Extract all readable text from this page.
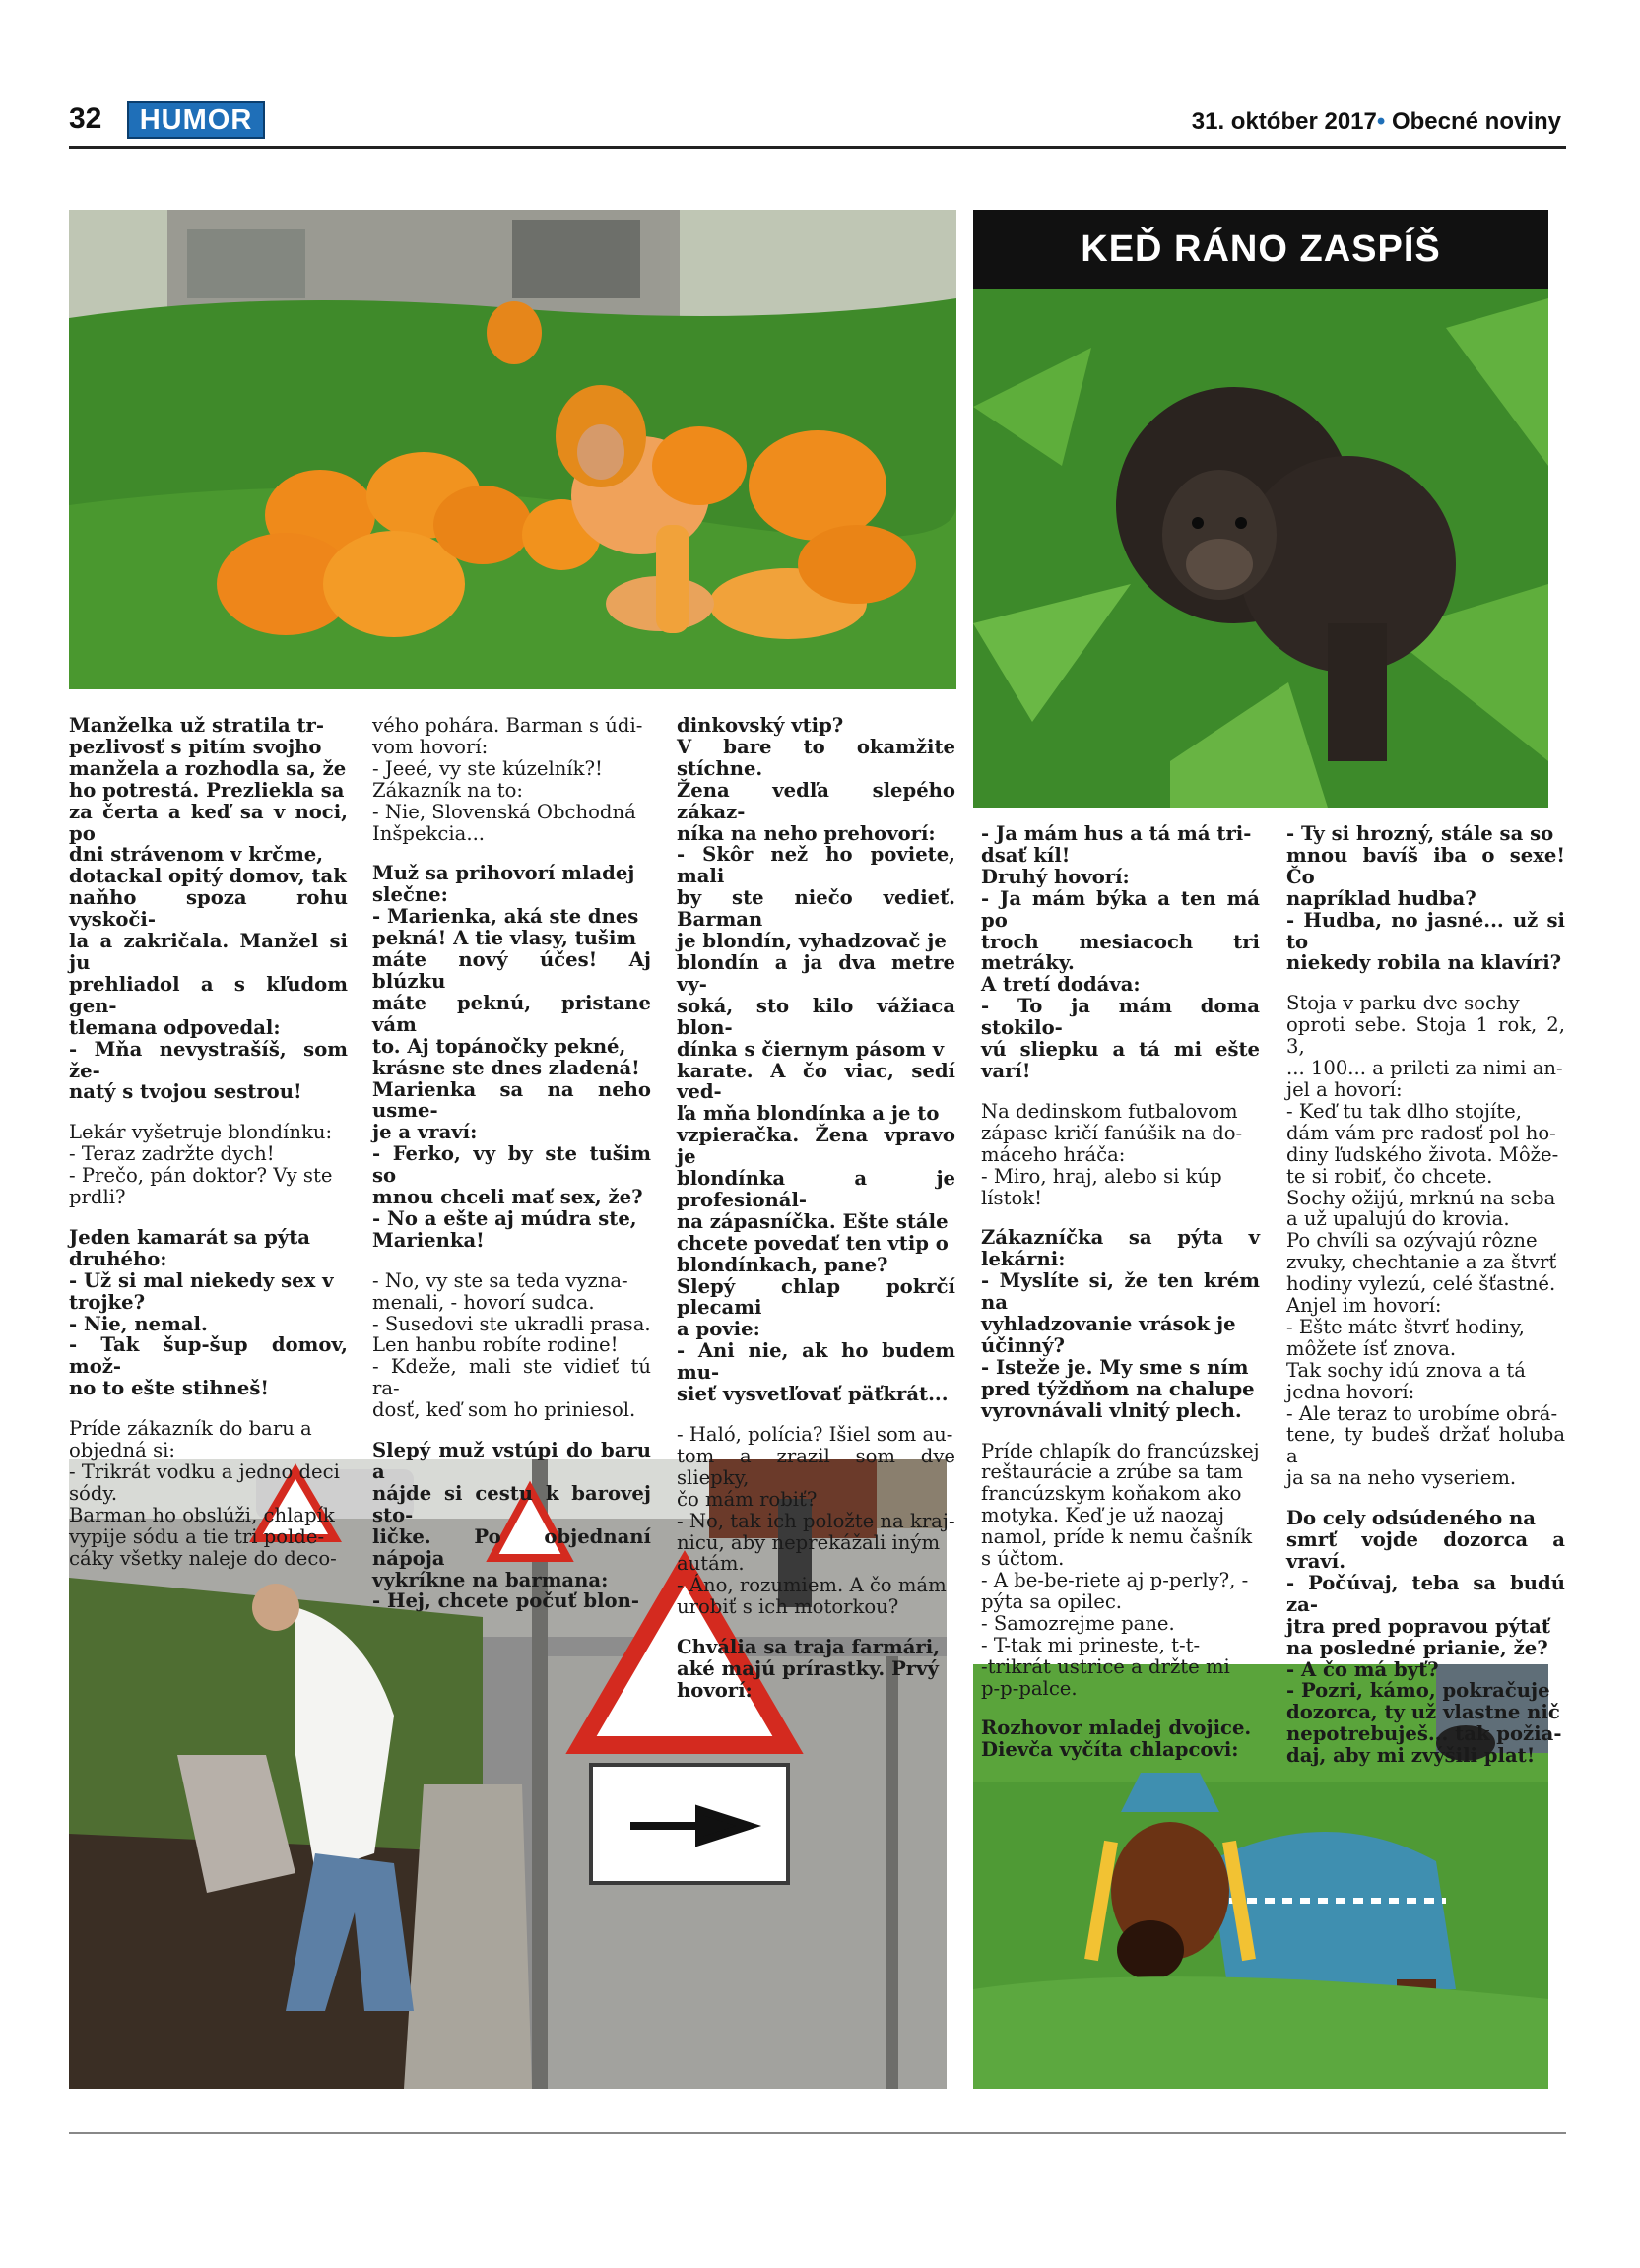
32	HUMOR	31. október 2017• Obecné noviny
KEĎ RÁNO ZASPÍŠ

Manželka už stratila tr-
pezlivosť s pitím svojho
manžela a rozhodla sa, že
ho potrestá. Prezliekla sa
za čerta a keď sa v noci, po
dni strávenom v krčme,
dotackal opitý domov, tak
naňho spoza rohu vyskoči-
la a zakričala. Manžel si ju
prehliadol a s kľudom gen-
tlemana odpovedal:
- Mňa nevystrašíš, som že-
natý s tvojou sestrou!

Lekár vyšetruje blondínku:
- Teraz zadržte dych!
- Prečo, pán doktor? Vy ste
prdli?

Jeden kamarát sa pýta
druhého:
- Už si mal niekedy sex v
trojke?
- Nie, nemal.
- Tak šup-šup domov, mož-
no to ešte stihneš!

Príde zákazník do baru a
objedná si:
- Trikrát vodku a jedno deci
sódy.
Barman ho obslúži, chlapík
vypije sódu a tie tri polde-
cáky všetky naleje do deco-

vého pohára. Barman s údi-
vom hovorí:
- Jeeé, vy ste kúzelník?!
Zákazník na to:
- Nie, Slovenská Obchodná
Inšpekcia...

Muž sa prihovorí mladej
slečne:
- Marienka, aká ste dnes
pekná! A tie vlasy, tušim
máte nový účes! Aj blúzku
máte peknú, pristane vám
to. Aj topánočky pekné,
krásne ste dnes zladená!
Marienka sa na neho usme-
je a vraví:
- Ferko, vy by ste tušim so
mnou chceli mať sex, že?
- No a ešte aj múdra ste,
Marienka!

- No, vy ste sa teda vyzna-
menali, - hovorí sudca.
- Susedovi ste ukradli prasa.
Len hanbu robíte rodine!
- Kdeže, mali ste vidieť tú ra-
dosť, keď som ho priniesol.

Slepý muž vstúpi do baru a
nájde si cestu k barovej sto-
ličke. Po objednaní nápoja
vykríkne na barmana:
- Hej, chcete počuť blon-

dinkovský vtip?
V bare to okamžite stíchne.
Žena vedľa slepého zákaz-
níka na neho prehovorí:
- Skôr než ho poviete, mali
by ste niečo vedieť. Barman
je blondín, vyhadzovač je
blondín a ja dva metre vy-
soká, sto kilo vážiaca blon-
dínka s čiernym pásom v
karate. A čo viac, sedí ved-
ľa mňa blondínka a je to
vzpieračka. Žena vpravo je
blondínka a je profesionál-
na zápasníčka. Ešte stále
chcete povedať ten vtip o
blondínkach, pane?
Slepý chlap pokrčí plecami
a povie:
- Ani nie, ak ho budem mu-
sieť vysvetľovať päťkrát...

- Haló, polícia? Išiel som au-
tom a zrazil som dve sliepky,
čo mám robiť?
- No, tak ich položte na kraj-
nicu, aby neprekážali iným
autám.
- Áno, rozumiem. A čo mám
urobiť s ich motorkou?

Chvália sa traja farmári,
aké majú prírastky. Prvý
hovorí:

- Ja mám hus a tá má tri-
dsať kíl!
Druhý hovorí:
- Ja mám býka a ten má po
troch mesiacoch tri metráky.
A tretí dodáva:
- To ja mám doma stokilo-
vú sliepku a tá mi ešte varí!

Na dedinskom futbalovom
zápase kričí fanúšik na do-
máceho hráča:
- Miro, hraj, alebo si kúp
lístok!

Zákazníčka sa pýta v lekárni:
- Myslíte si, že ten krém na
vyhladzovanie vrások je
účinný?
- Isteže je. My sme s ním
pred týždňom na chalupe
vyrovnávali vlnitý plech.

Príde chlapík do francúzskej
reštaurácie a zrúbe sa tam
francúzskym koňakom ako
motyka. Keď je už naozaj
namol, príde k nemu čašník
s účtom.
- A be-be-riete aj p-perly?, -
pýta sa opilec.
- Samozrejme pane.
- T-tak mi prineste, t-t-
-trikrát ustrice a držte mi
p-p-palce.

Rozhovor mladej dvojice.
Dievča vyčíta chlapcovi:

- Ty si hrozný, stále sa so
mnou bavíš iba o sexe! Čo
napríklad hudba?
- Hudba, no jasné... už si to
niekedy robila na klavíri?

Stoja v parku dve sochy
oproti sebe. Stoja 1 rok, 2, 3,
... 100... a prileti za nimi an-
jel a hovorí:
- Keď tu tak dlho stojíte,
dám vám pre radosť pol ho-
diny ľudského života. Môže-
te si robiť, čo chcete.
Sochy ožijú, mrknú na seba
a už upalujú do krovia.
Po chvíli sa ozývajú rôzne
zvuky, chechtanie a za štvrť
hodiny vylezú, celé šťastné.
Anjel im hovorí:
- Ešte máte štvrť hodiny,
môžete ísť znova.
Tak sochy idú znova a tá
jedna hovorí:
- Ale teraz to urobíme obrá-
tene, ty budeš držať holuba a
ja sa na neho vyseriem.

Do cely odsúdeného na
smrť vojde dozorca a vraví.
- Počúvaj, teba sa budú za-
jtra pred popravou pýtať
na posledné prianie, že?
- A čo má byť?
- Pozri, kámo, pokračuje
dozorca, ty už vlastne nič
nepotrebuješ... tak požia-
daj, aby mi zvýšili plat!
